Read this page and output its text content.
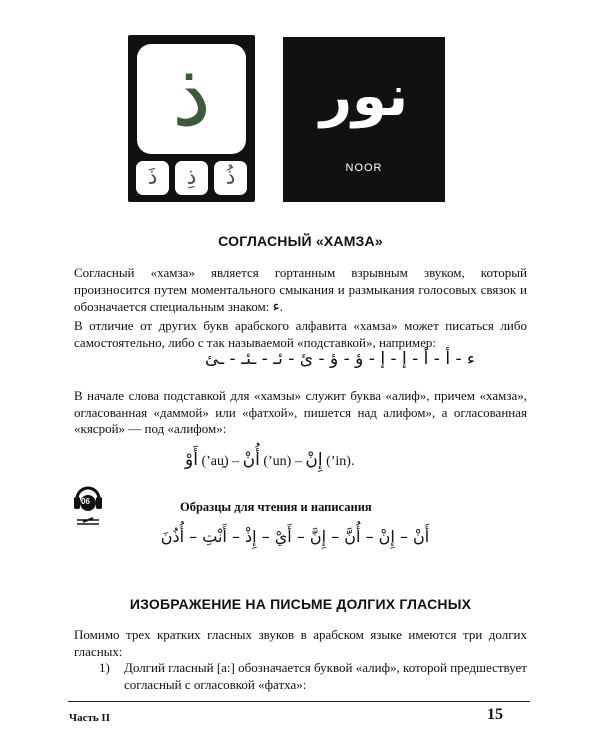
ذ
ذَ ذِ ذُ
نور
NOOR
СОГЛАСНЫЙ «ХАМЗА»
Согласный «хамза» является гортанным взрывным звуком, который произносится путем моментального смыкания и размыкания голосовых связок и обозначается специальным знаком: ء.
В отличие от других букв арабского алфавита «хамза» может писаться либо самостоятельно, либо с так называемой «подставкой», например:
ء - أ - أ - إ - إ - ؤ - ؤ - ئ - ئـ - ـئـ - ـئ
В начале слова подставкой для «хамзы» служит буква «алиф», причем «хамза», огласованная «даммой» или «фатхой», пишется над алифом», а огласованная «кясрой» — под «алифом»:
أَوْ (’au̯) – أُنْ (’un) – إِنْ (’in).
06	Образцы для чтения и написания
أَنْ – إِنْ – أُنَّ – إِنَّ – أَيْ – إِذْ – أَنْتِ – أُذُنَ
ИЗОБРАЖЕНИЕ НА ПИСЬМЕ ДОЛГИХ ГЛАСНЫХ
Помимо трех кратких гласных звуков в арабском языке имеются три долгих гласных:
1) Долгий гласный [а:] обозначается буквой «алиф», которой предшествует согласный с огласовкой «фатха»:
Часть II	15
